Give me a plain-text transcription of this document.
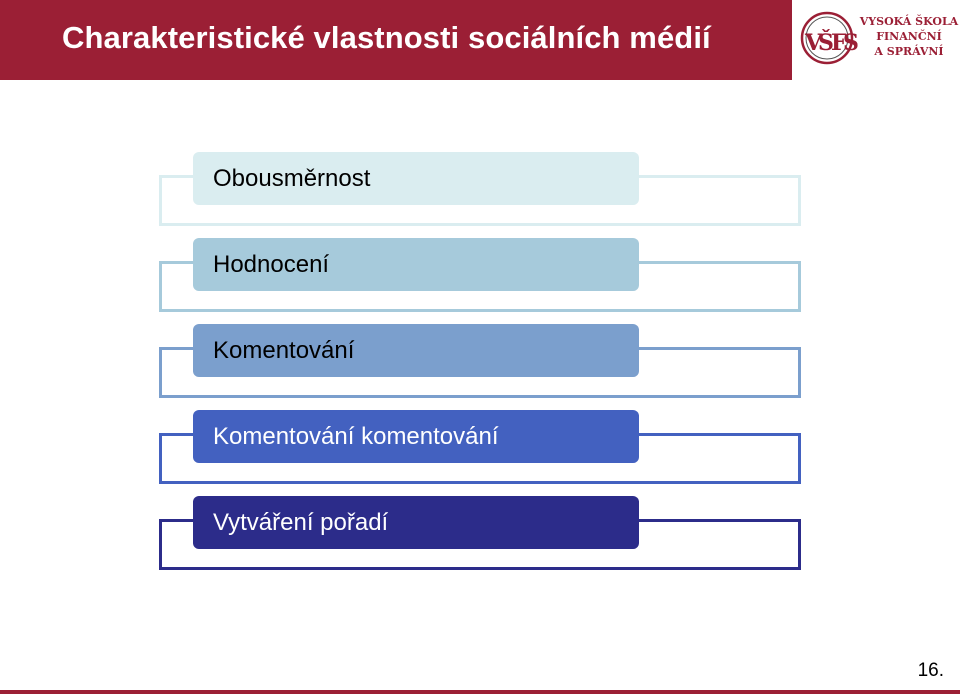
Charakteristické vlastnosti sociálních médií	V
Š
F
S
VYSOKÁ ŠKOLA
FINANČNÍ
A SPRÁVNÍ
Obousměrnost
Hodnocení
Komentování
Komentování komentování
Vytváření pořadí
16.
